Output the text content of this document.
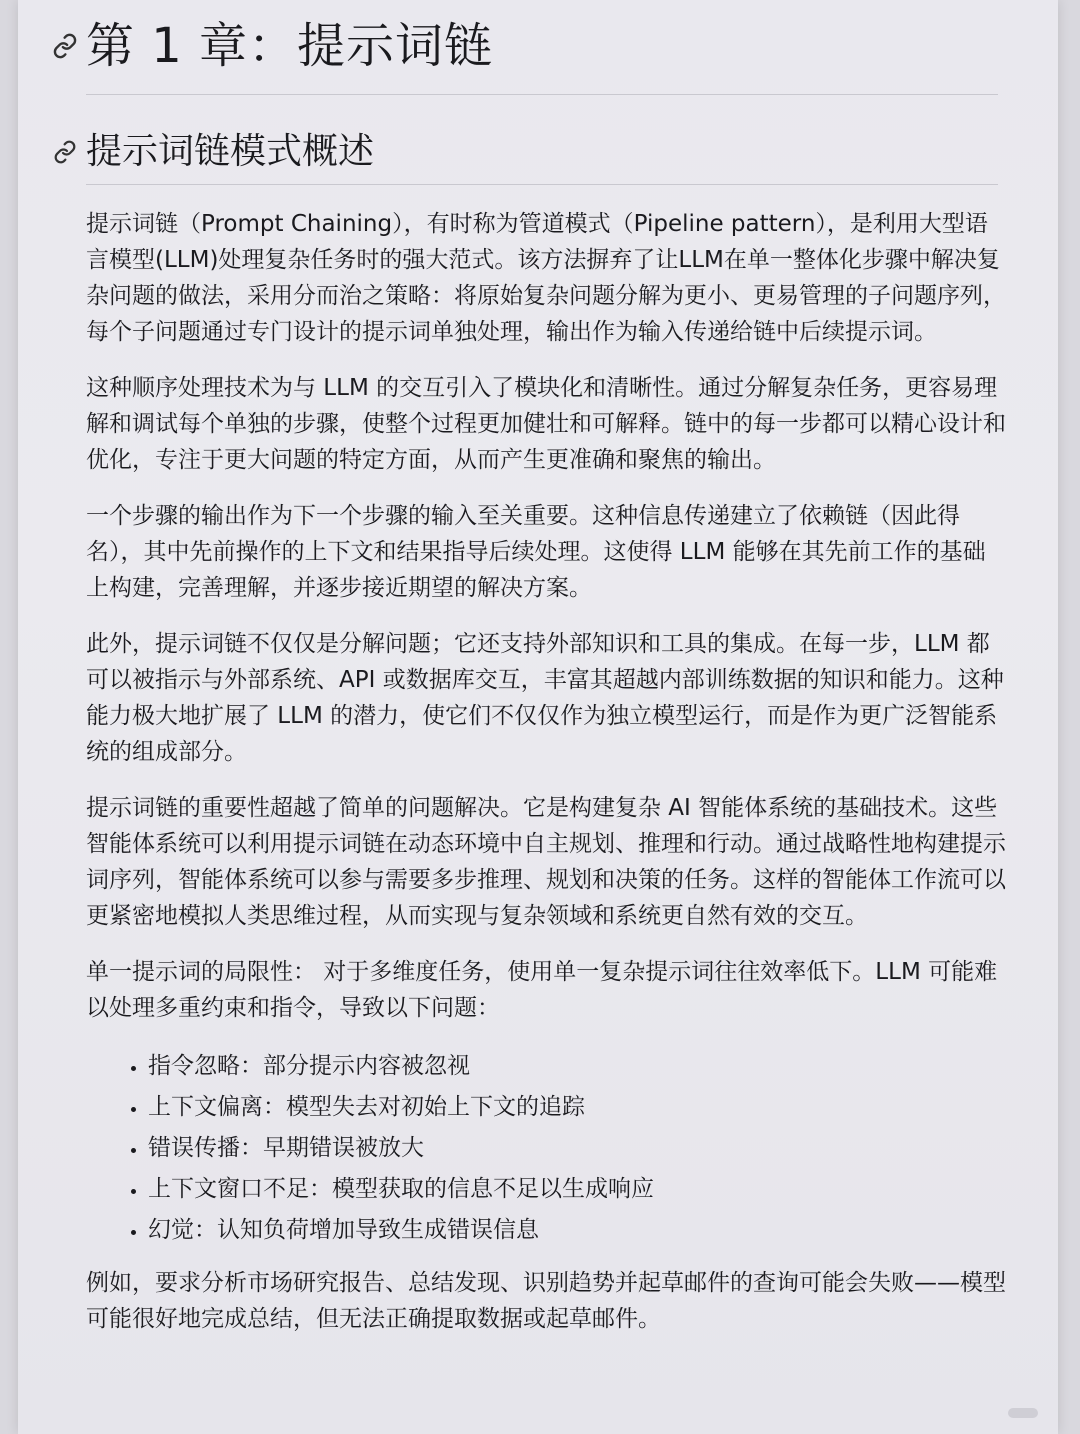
第 1 章：提示词链
提示词链模式概述

提示词链（Prompt Chaining），有时称为管道模式（Pipeline pattern），是利用大型语言模型(LLM)处理复杂任务时的强大范式。该方法摒弃了让LLM在单一整体化步骤中解决复杂问题的做法，采用分而治之策略：将原始复杂问题分解为更小、更易管理的子问题序列，每个子问题通过专门设计的提示词单独处理，输出作为输入传递给链中后续提示词。

这种顺序处理技术为与 LLM 的交互引入了模块化和清晰性。通过分解复杂任务，更容易理解和调试每个单独的步骤，使整个过程更加健壮和可解释。链中的每一步都可以精心设计和优化，专注于更大问题的特定方面，从而产生更准确和聚焦的输出。

一个步骤的输出作为下一个步骤的输入至关重要。这种信息传递建立了依赖链（因此得名），其中先前操作的上下文和结果指导后续处理。这使得 LLM 能够在其先前工作的基础上构建，完善理解，并逐步接近期望的解决方案。

此外，提示词链不仅仅是分解问题；它还支持外部知识和工具的集成。在每一步，LLM 都可以被指示与外部系统、API 或数据库交互，丰富其超越内部训练数据的知识和能力。这种能力极大地扩展了 LLM 的潜力，使它们不仅仅作为独立模型运行，而是作为更广泛智能系统的组成部分。

提示词链的重要性超越了简单的问题解决。它是构建复杂 AI 智能体系统的基础技术。这些智能体系统可以利用提示词链在动态环境中自主规划、推理和行动。通过战略性地构建提示词序列，智能体系统可以参与需要多步推理、规划和决策的任务。这样的智能体工作流可以更紧密地模拟人类思维过程，从而实现与复杂领域和系统更自然有效的交互。

单一提示词的局限性： 对于多维度任务，使用单一复杂提示词往往效率低下。LLM 可能难以处理多重约束和指令，导致以下问题：

• 指令忽略：部分提示内容被忽视
• 上下文偏离：模型失去对初始上下文的追踪
• 错误传播：早期错误被放大
• 上下文窗口不足：模型获取的信息不足以生成响应
• 幻觉：认知负荷增加导致生成错误信息

例如，要求分析市场研究报告、总结发现、识别趋势并起草邮件的查询可能会失败——模型可能很好地完成总结，但无法正确提取数据或起草邮件。
